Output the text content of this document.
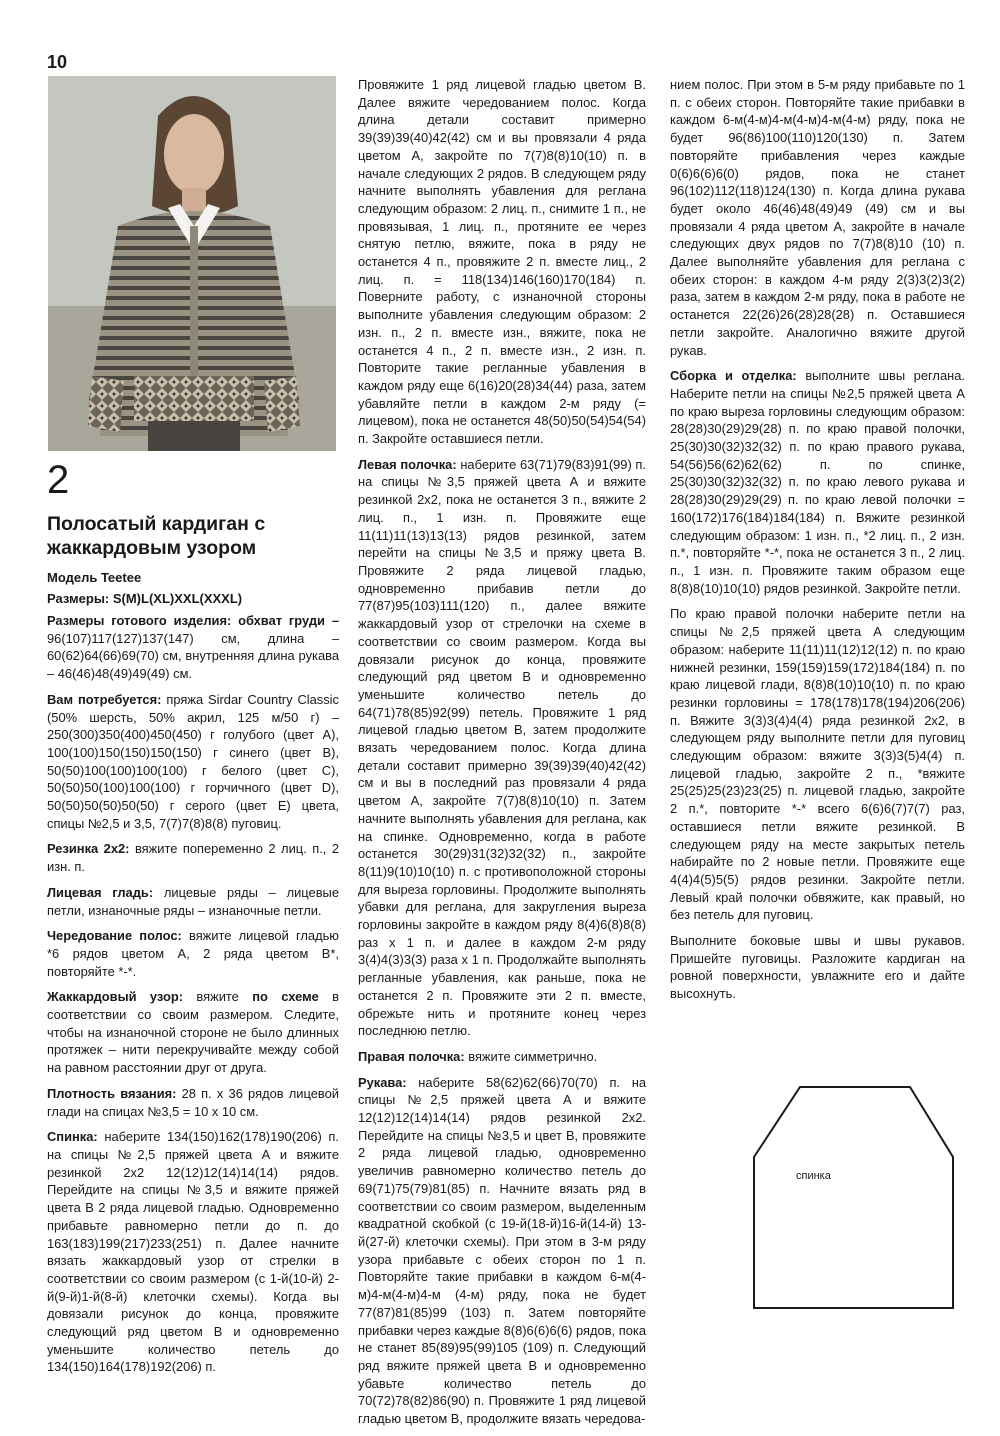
10
2
Полосатый кардиган с жаккардовым узором
Модель Teetee
Размеры: S(M)L(XL)XXL(XXXL)

Размеры готового изделия: обхват груди – 96(107)117(127)137(147) см, длина – 60(62)64(66)69(70) см, внутренняя длина рукава – 46(46)48(49)49(49) см.

Вам потребуется: пряжа Sirdar Country Classic (50% шерсть, 50% акрил, 125 м/50 г) – 250(300)350(400)450(450) г голубого (цвет А), 100(100)150(150)150(150) г синего (цвет В), 50(50)100(100)100(100) г белого (цвет С), 50(50)50(100)100(100) г горчичного (цвет D), 50(50)50(50)50(50) г серого (цвет Е) цвета, спицы №2,5 и 3,5, 7(7)7(8)8(8) пуговиц.

Резинка 2х2: вяжите попеременно 2 лиц. п., 2 изн. п.

Лицевая гладь: лицевые ряды – лицевые петли, изнаночные ряды – изнаночные петли.

Чередование полос: вяжите лицевой гладью *6 рядов цветом А, 2 ряда цветом В*, повторяйте *-*.

Жаккардовый узор: вяжите по схеме в соответствии со своим размером. Следите, чтобы на изнаночной стороне не было длинных протяжек – нити перекручивайте между собой на равном расстоянии друг от друга.

Плотность вязания: 28 п. х 36 рядов лицевой глади на спицах №3,5 = 10 х 10 см.

Спинка: наберите 134(150)162(178)190(206) п. на спицы №2,5 пряжей цвета А и вяжите резинкой 2х2 12(12)12(14)14(14) рядов. Перейдите на спицы №3,5 и вяжите пряжей цвета В 2 ряда лицевой гладью. Одновременно прибавьте равномерно петли до п. до 163(183)199(217)233(251) п. Далее начните вязать жаккардовый узор от стрелки в соответствии со своим размером (с 1-й(10-й) 2-й(9-й)1-й(8-й) клеточки схемы). Когда вы довязали рисунок до конца, провяжите следующий ряд цветом В и одновременно уменьшите количество петель до 134(150)164(178)192(206) п.

Провяжите 1 ряд лицевой гладью цветом В. Далее вяжите чередованием полос. Когда длина детали составит примерно 39(39)39(40)42(42) см и вы провязали 4 ряда цветом А, закройте по 7(7)8(8)10(10) п. в начале следующих 2 рядов. В следующем ряду начните выполнять убавления для реглана следующим образом: 2 лиц. п., снимите 1 п., не провязывая, 1 лиц. п., протяните ее через снятую петлю, вяжите, пока в ряду не останется 4 п., провяжите 2 п. вместе лиц., 2 лиц. п. = 118(134)146(160)170(184) п. Поверните работу, с изнаночной стороны выполните убавления следующим образом: 2 изн. п., 2 п. вместе изн., вяжите, пока не останется 4 п., 2 п. вместе изн., 2 изн. п. Повторите такие регланные убавления в каждом ряду еще 6(16)20(28)34(44) раза, затем убавляйте петли в каждом 2-м ряду (= лицевом), пока не останется 48(50)50(54)54(54) п. Закройте оставшиеся петли.

Левая полочка: наберите 63(71)79(83)91(99) п. на спицы №3,5 пряжей цвета А и вяжите резинкой 2х2, пока не останется 3 п., вяжите 2 лиц. п., 1 изн. п. Провяжите еще 11(11)11(13)13(13) рядов резинкой, затем перейти на спицы №3,5 и пряжу цвета В. Провяжите 2 ряда лицевой гладью, одновременно прибавив петли до 77(87)95(103)111(120) п., далее вяжите жаккардовый узор от стрелочки на схеме в соответствии со своим размером. Когда вы довязали рисунок до конца, провяжите следующий ряд цветом В и одновременно уменьшите количество петель до 64(71)78(85)92(99) петель. Провяжите 1 ряд лицевой гладью цветом В, затем продолжите вязать чередованием полос. Когда длина детали составит примерно 39(39)39(40)42(42) см и вы в последний раз провязали 4 ряда цветом А, закройте 7(7)8(8)10(10) п. Затем начните выполнять убавления для реглана, как на спинке. Одновременно, когда в работе останется 30(29)31(32)32(32) п., закройте 8(11)9(10)10(10) п. с противоположной стороны для выреза горловины. Продолжите выполнять убавки для реглана, для закругления выреза горловины закройте в каждом ряду 8(4)6(8)8(8) раз х 1 п. и далее в каждом 2-м ряду 3(4)4(3)3(3) раза х 1 п. Продолжайте выполнять регланные убавления, как раньше, пока не останется 2 п. Провяжите эти 2 п. вместе, обрежьте нить и протяните конец через последнюю петлю.

Правая полочка: вяжите симметрично.

Рукава: наберите 58(62)62(66)70(70) п. на спицы №2,5 пряжей цвета А и вяжите 12(12)12(14)14(14) рядов резинкой 2х2. Перейдите на спицы №3,5 и цвет В, провяжите 2 ряда лицевой гладью, одновременно увеличив равномерно количество петель до 69(71)75(79)81(85) п. Начните вязать ряд в соответствии со своим размером, выделенным квадратной скобкой (с 19-й(18-й)16-й(14-й) 13-й(27-й) клеточки схемы). При этом в 3-м ряду узора прибавьте с обеих сторон по 1 п. Повторяйте такие прибавки в каждом 6-м(4-м)4-м(4-м)4-м (4-м) ряду, пока не будет 77(87)81(85)99 (103) п. Затем повторяйте прибавки через каждые 8(8)6(6)6(6) рядов, пока не станет 85(89)95(99)105 (109) п. Следующий ряд вяжите пряжей цвета В и одновременно убавьте количество петель до 70(72)78(82)86(90) п. Провяжите 1 ряд лицевой гладью цветом В, продолжите вязать чередова-

нием полос. При этом в 5-м ряду прибавьте по 1 п. с обеих сторон. Повторяйте такие прибавки в каждом 6-м(4-м)4-м(4-м)4-м(4-м) ряду, пока не будет 96(86)100(110)120(130) п. Затем повторяйте прибавления через каждые 0(6)6(6)6(0) рядов, пока не станет 96(102)112(118)124(130) п. Когда длина рукава будет около 46(46)48(49)49 (49) см и вы провязали 4 ряда цветом А, закройте в начале следующих двух рядов по 7(7)8(8)10 (10) п. Далее выполняйте убавления для реглана с обеих сторон: в каждом 4-м ряду 2(3)3(2)3(2) раза, затем в каждом 2-м ряду, пока в работе не останется 22(26)26(28)28(28) п. Оставшиеся петли закройте. Аналогично вяжите другой рукав.

Сборка и отделка: выполните швы реглана. Наберите петли на спицы №2,5 пряжей цвета А по краю выреза горловины следующим образом: 28(28)30(29)29(28) п. по краю правой полочки, 25(30)30(32)32(32) п. по краю правого рукава, 54(56)56(62)62(62) п. по спинке, 25(30)30(32)32(32) п. по краю левого рукава и 28(28)30(29)29(29) п. по краю левой полочки = 160(172)176(184)184(184) п. Вяжите резинкой следующим образом: 1 изн. п., *2 лиц. п., 2 изн. п.*, повторяйте *-*, пока не останется 3 п., 2 лиц. п., 1 изн. п. Провяжите таким образом еще 8(8)8(10)10(10) рядов резинкой. Закройте петли.

По краю правой полочки наберите петли на спицы №2,5 пряжей цвета А следующим образом: наберите 11(11)11(12)12(12) п. по краю нижней резинки, 159(159)159(172)184(184) п. по краю лицевой глади, 8(8)8(10)10(10) п. по краю резинки горловины = 178(178)178(194)206(206) п. Вяжите 3(3)3(4)4(4) ряда резинкой 2х2, в следующем ряду выполните петли для пуговиц следующим образом: вяжите 3(3)3(5)4(4) п. лицевой гладью, закройте 2 п., *вяжите 25(25)25(23)23(25) п. лицевой гладью, закройте 2 п.*, повторите *-* всего 6(6)6(7)7(7) раз, оставшиеся петли вяжите резинкой. В следующем ряду на месте закрытых петель набирайте по 2 новые петли. Провяжите еще 4(4)4(5)5(5) рядов резинки. Закройте петли. Левый край полочки обвяжите, как правый, но без петель для пуговиц.

Выполните боковые швы и швы рукавов. Пришейте пуговицы. Разложите кардиган на ровной поверхности, увлажните его и дайте высохнуть.

спинка
